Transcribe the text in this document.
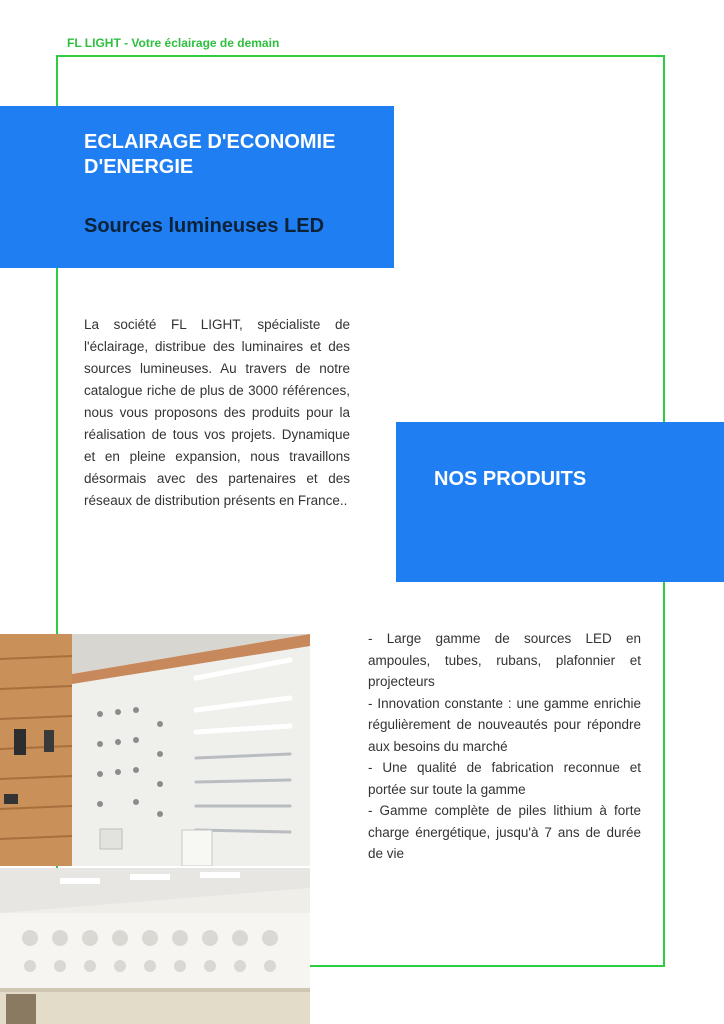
FL LIGHT - Votre éclairage de demain
ECLAIRAGE D'ECONOMIE D'ENERGIE
Sources lumineuses LED
La société FL LIGHT, spécialiste de l'éclairage, distribue des luminaires et des sources lumineuses. Au travers de notre catalogue riche de plus de 3000 références, nous vous proposons des produits pour la réalisation de tous vos projets. Dynamique et en pleine expansion, nous travaillons désormais avec des partenaires et des réseaux de distribution présents en France..
NOS PRODUITS
- Large gamme de sources LED en ampoules, tubes, rubans, plafonnier et projecteurs
- Innovation constante : une gamme enrichie régulièrement de nouveautés pour répondre aux besoins du marché
- Une qualité de fabrication reconnue et portée sur toute la gamme
- Gamme complète de piles lithium à forte charge énergétique, jusqu'à 7 ans de durée de vie
